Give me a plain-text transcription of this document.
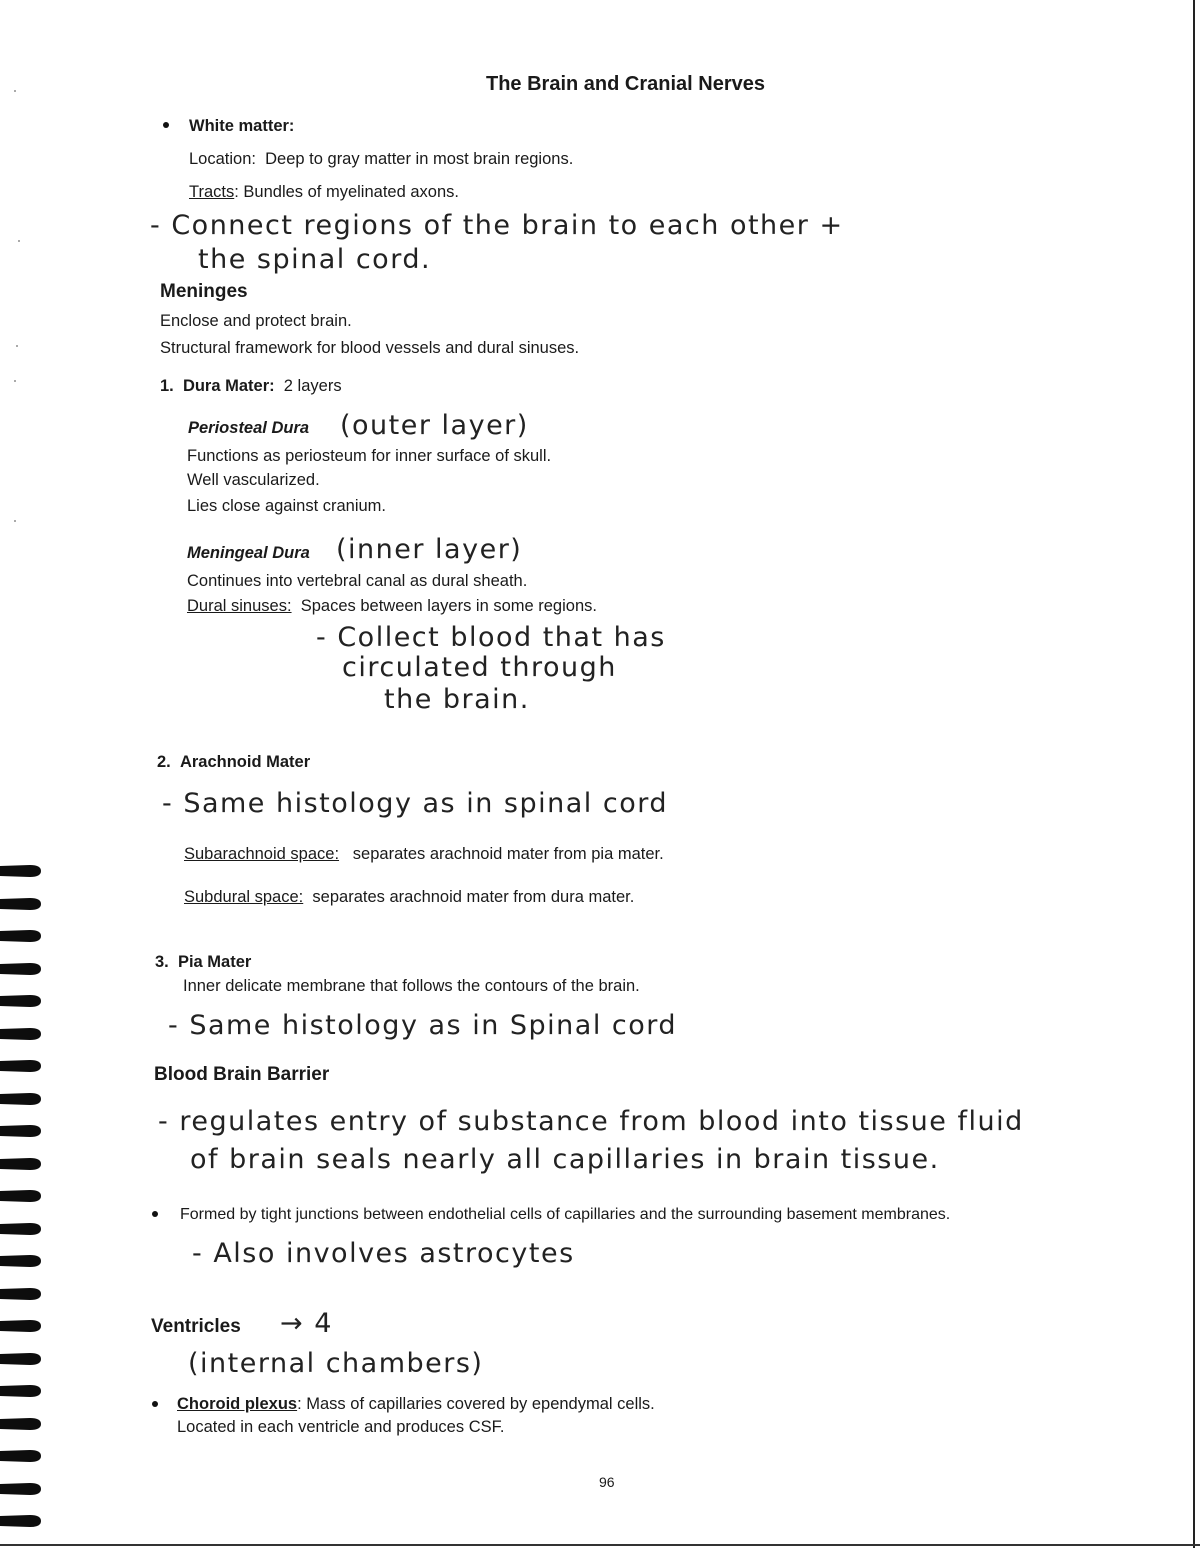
The Brain and Cranial Nerves
White matter:
Location: Deep to gray matter in most brain regions.
Tracts: Bundles of myelinated axons.
- Connect regions of the brain to each other +
the spinal cord.
Meninges
Enclose and protect brain.
Structural framework for blood vessels and dural sinuses.
1. Dura Mater: 2 layers
Periosteal Dura (outer layer)
Functions as periosteum for inner surface of skull.
Well vascularized.
Lies close against cranium.
Meningeal Dura (inner layer)
Continues into vertebral canal as dural sheath.
Dural sinuses: Spaces between layers in some regions.
- Collect blood that has
circulated through
the brain.
2. Arachnoid Mater
- Same histology as in spinal cord
Subarachnoid space: separates arachnoid mater from pia mater.
Subdural space: separates arachnoid mater from dura mater.
3. Pia Mater
Inner delicate membrane that follows the contours of the brain.
- Same histology as in Spinal cord
Blood Brain Barrier
- regulates entry of substance from blood into tissue fluid
of brain seals nearly all capillaries in brain tissue.
Formed by tight junctions between endothelial cells of capillaries and the surrounding basement membranes.
- Also involves astrocytes
Ventricles → 4
(internal chambers)
Choroid plexus: Mass of capillaries covered by ependymal cells.
Located in each ventricle and produces CSF.
96
